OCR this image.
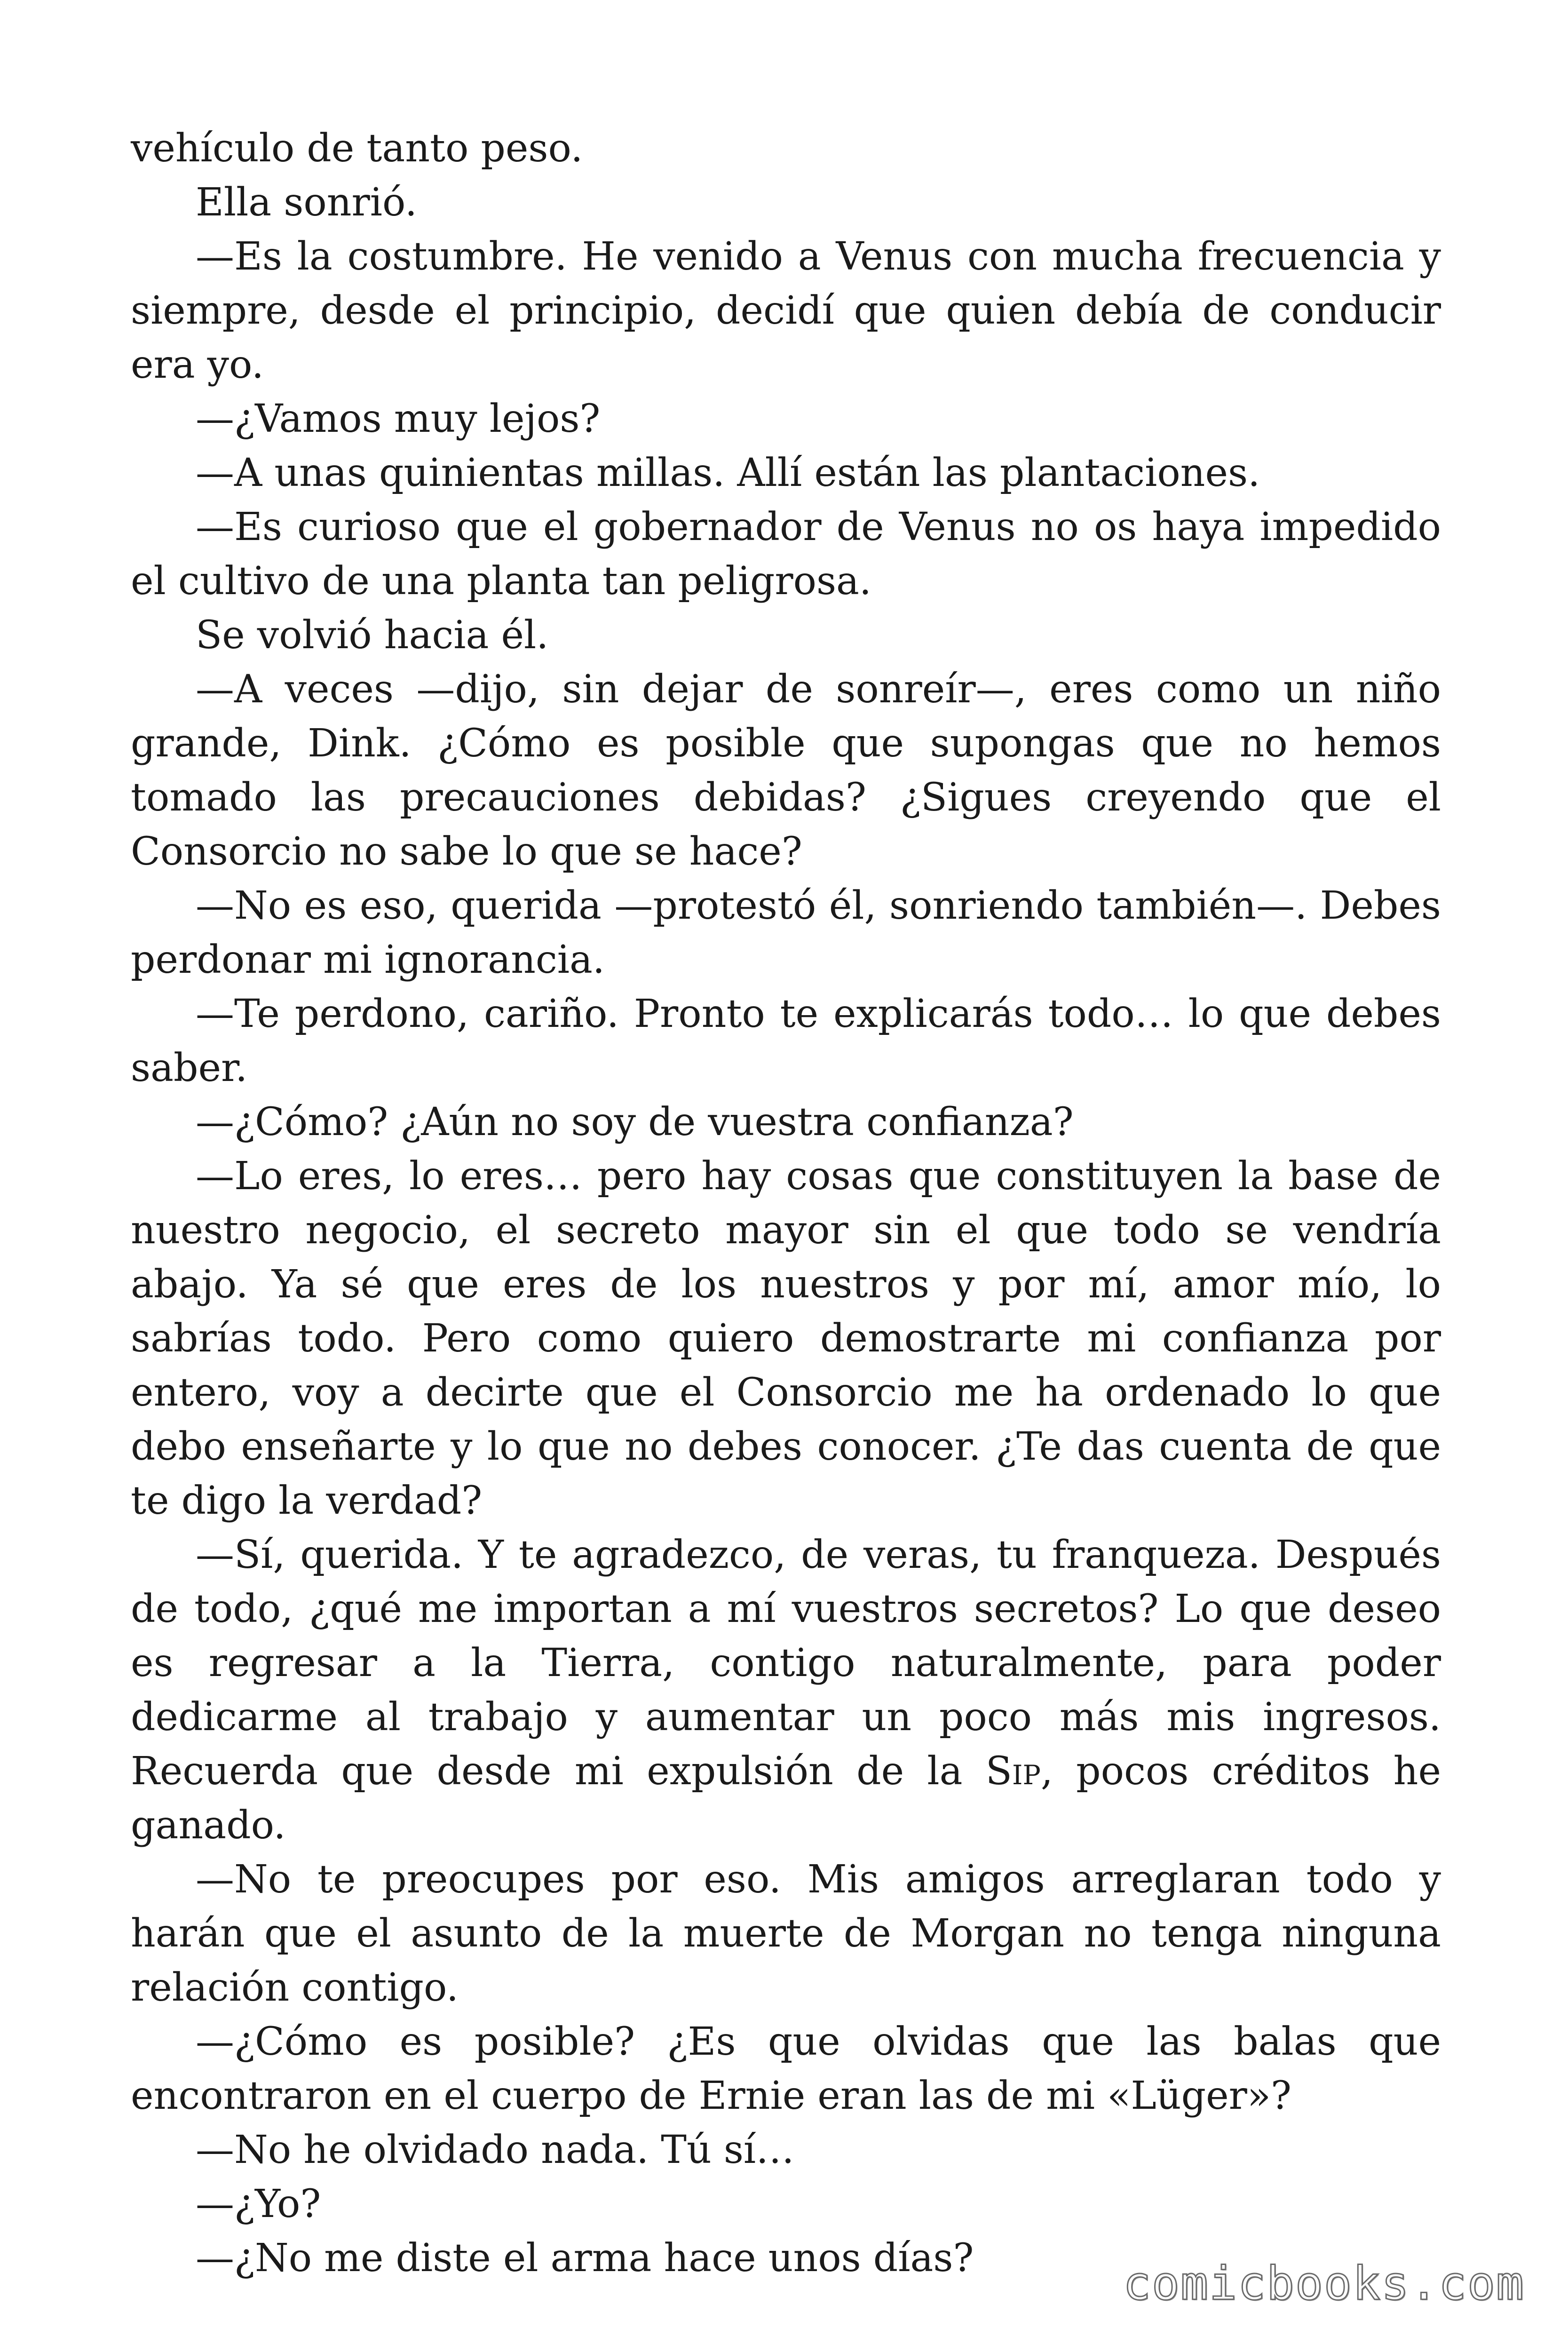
vehículo de tanto peso.

Ella sonrió.

—Es la costumbre. He venido a Venus con mucha frecuencia y siempre, desde el principio, decidí que quien debía de conducir era yo.

—¿Vamos muy lejos?

—A unas quinientas millas. Allí están las plantaciones.

—Es curioso que el gobernador de Venus no os haya impedido el cultivo de una planta tan peligrosa.

Se volvió hacia él.

—A veces —dijo, sin dejar de sonreír—, eres como un niño grande, Dink. ¿Cómo es posible que supongas que no hemos tomado las precauciones debidas? ¿Sigues creyendo que el Consorcio no sabe lo que se hace?

—No es eso, querida —protestó él, sonriendo también—. Debes perdonar mi ignorancia.

—Te perdono, cariño. Pronto te explicarás todo… lo que debes saber.

—¿Cómo? ¿Aún no soy de vuestra confianza?

—Lo eres, lo eres… pero hay cosas que constituyen la base de nuestro negocio, el secreto mayor sin el que todo se vendría abajo. Ya sé que eres de los nuestros y por mí, amor mío, lo sabrías todo. Pero como quiero demostrarte mi confianza por entero, voy a decirte que el Consorcio me ha ordenado lo que debo enseñarte y lo que no debes conocer. ¿Te das cuenta de que te digo la verdad?

—Sí, querida. Y te agradezco, de veras, tu franqueza. Después de todo, ¿qué me importan a mí vuestros secretos? Lo que deseo es regresar a la Tierra, contigo naturalmente, para poder dedicarme al trabajo y aumentar un poco más mis ingresos. Recuerda que desde mi expulsión de la Sip, pocos créditos he ganado.

—No te preocupes por eso. Mis amigos arreglaran todo y harán que el asunto de la muerte de Morgan no tenga ninguna relación contigo.

—¿Cómo es posible? ¿Es que olvidas que las balas que encontraron en el cuerpo de Ernie eran las de mi «Lüger»?

—No he olvidado nada. Tú sí…

—¿Yo?

—¿No me diste el arma hace unos días?	comicbooks.com
